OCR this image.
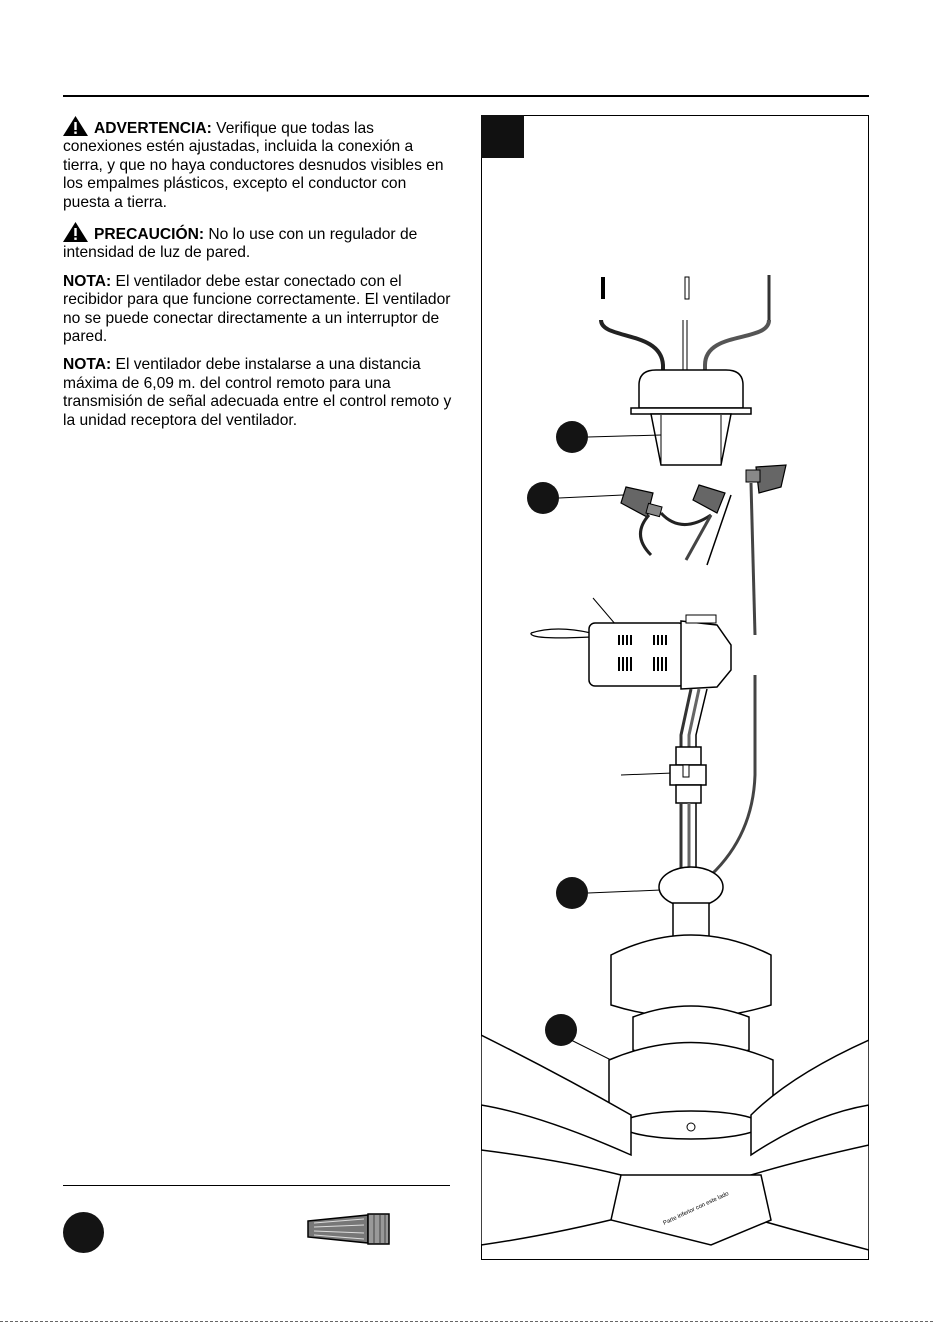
ADVERTENCIA: Verifique que todas las conexiones estén ajustadas, incluida la conexión a tierra, y que no haya conductores desnudos visibles en los empalmes plásticos, excepto el conductor con puesta a tierra.

PRECAUCIÓN: No lo use con un regulador de intensidad de luz de pared.

NOTA: El ventilador debe estar conectado con el recibidor para que funcione correctamente. El ventilador no se puede conectar directamente a un interruptor de pared.

NOTA: El ventilador debe instalarse a una distancia máxima de 6,09 m. del control remoto para una transmisión de señal adecuada entre el control remoto y la unidad receptora del ventilador.

Parte inferior con este lado
